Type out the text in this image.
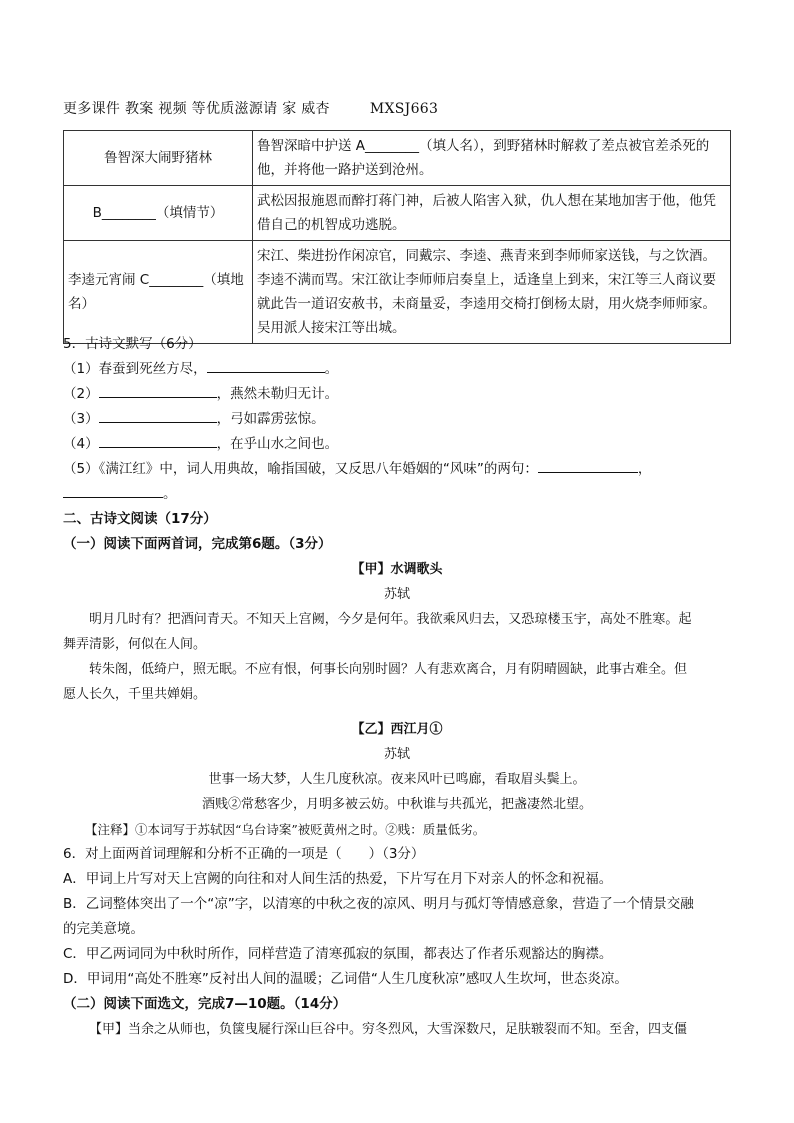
更多课件 教案 视频 等优质滋源请 家 威杏	MXSJ663
鲁智深大闹野猪林	鲁智深暗中护送 A________（填人名），到野猪林时解救了差点被官差杀死的他，并将他一路护送到沧州。
B________（填情节）	武松因报施恩而醉打蒋门神，后被人陷害入狱，仇人想在某地加害于他，他凭借自己的机智成功逃脱。
李逵元宵闹 C________（填地名）	宋江、柴进扮作闲凉官，同戴宗、李逵、燕青来到李师师家送钱，与之饮酒。李逵不满而骂。宋江欲让李师师启奏皇上，适逢皇上到来，宋江等三人商议要就此告一道诏安赦书，未商量妥，李逵用交椅打倒杨太尉，用火烧李师师家。吴用派人接宋江等出城。
5．古诗文默写（6分）
（1）春蚕到死丝方尽，	。
（2）	，燕然未勒归无计。
（3）	，弓如霹雳弦惊。
（4）	，在乎山水之间也。
（5）《满江红》中，词人用典故，喻指国破，又反思八年婚姻的“风味”的两句：	，
。
二、古诗文阅读（17分）
（一）阅读下面两首词，完成第6题。（3分）
【甲】水调歌头
苏轼
明月几时有？把酒问青天。不知天上宫阙，今夕是何年。我欲乘风归去，又恐琼楼玉宇，高处不胜寒。起
舞弄清影，何似在人间。
转朱阁，低绮户，照无眠。不应有恨，何事长向别时圆？人有悲欢离合，月有阴晴圆缺，此事古难全。但
愿人长久，千里共婵娟。
【乙】西江月①
苏轼
世事一场大梦，人生几度秋凉。夜来风叶已鸣廊，看取眉头鬓上。
酒贱②常愁客少，月明多被云妨。中秋谁与共孤光，把盏凄然北望。
【注释】①本词写于苏轼因“乌台诗案”被贬黄州之时。②贱：质量低劣。
6．对上面两首词理解和分析不正确的一项是（　　）（3分）
A．甲词上片写对天上宫阙的向往和对人间生活的热爱，下片写在月下对亲人的怀念和祝福。
B．乙词整体突出了一个“凉”字，以清寒的中秋之夜的凉风、明月与孤灯等情感意象，营造了一个情景交融
的完美意境。
C．甲乙两词同为中秋时所作，同样营造了清寒孤寂的氛围，都表达了作者乐观豁达的胸襟。
D．甲词用“高处不胜寒”反衬出人间的温暖；乙词借“人生几度秋凉”感叹人生坎坷，世态炎凉。
（二）阅读下面选文，完成7—10题。（14分）
【甲】当余之从师也，负箧曳屣行深山巨谷中。穷冬烈风，大雪深数尺，足肤皲裂而不知。至舍，四支僵
